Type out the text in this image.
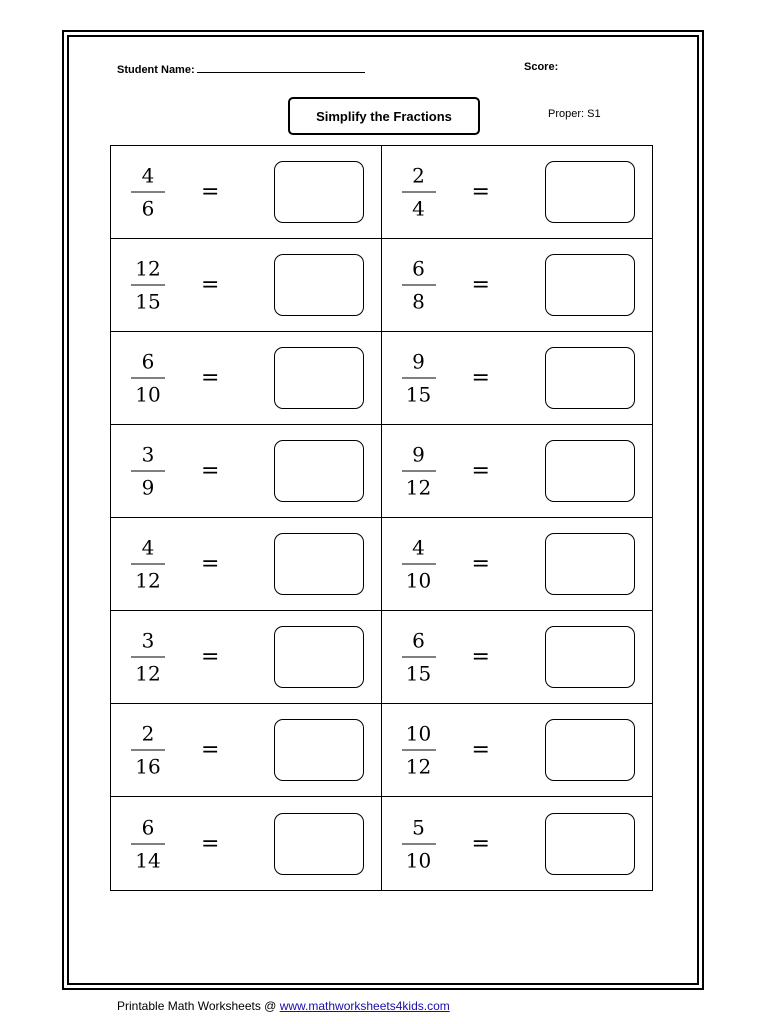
Student Name:	Score:
Simplify the Fractions	Proper: S1
4
6
=
2
4
=
12
15
=
6
8
=
6
10
=
9
15
=
3
9
=
9
12
=
4
12
=
4
10
=
3
12
=
6
15
=
2
16
=
10
12
=
6
14
=
5
10
=
Printable Math Worksheets @ www.mathworksheets4kids.com
